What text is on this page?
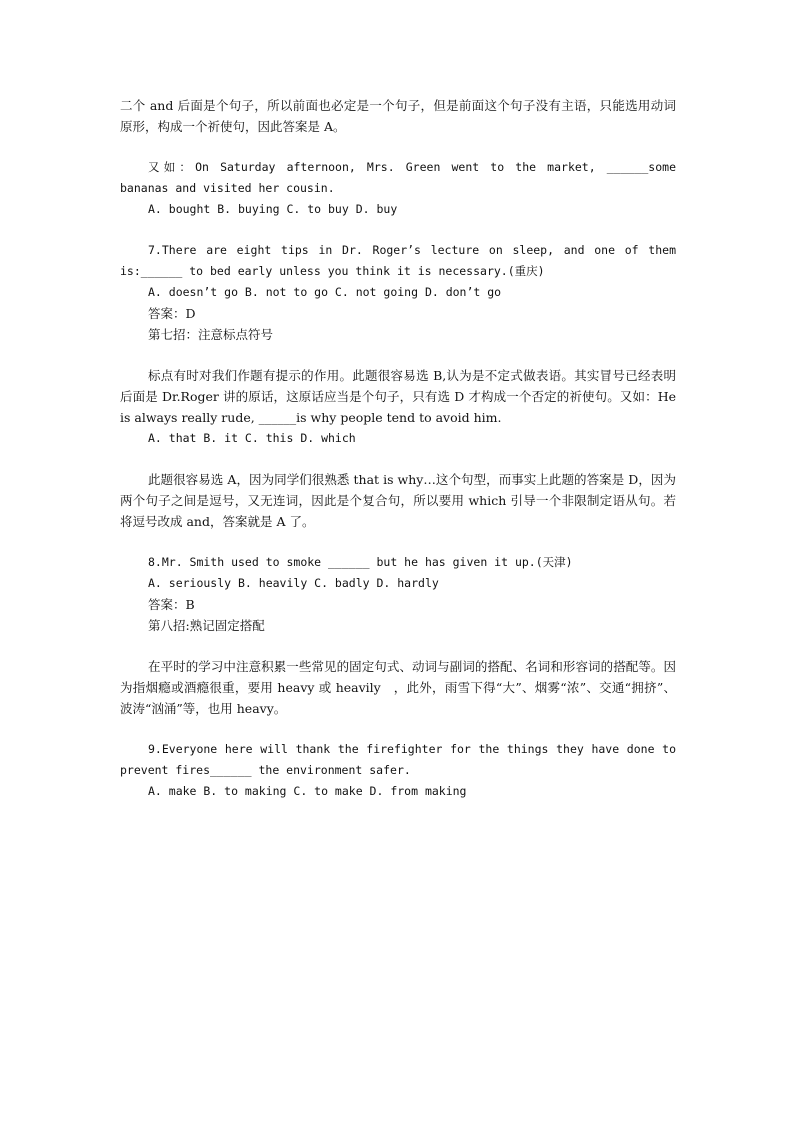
二个 and 后面是个句子，所以前面也必定是一个句子，但是前面这个句子没有主语，只能选用动词原形，构成一个祈使句，因此答案是 A。

又如：On Saturday afternoon, Mrs. Green went to the market, ______some bananas and visited her cousin.

A. bought B. buying C. to buy D. buy

7.There are eight tips in Dr. Roger’s lecture on sleep, and one of them is:______ to bed early unless you think it is necessary.(重庆)

A. doesn’t go B. not to go C. not going D. don’t go

答案：D

第七招：注意标点符号

标点有时对我们作题有提示的作用。此题很容易选 B,认为是不定式做表语。其实冒号已经表明后面是 Dr.Roger 讲的原话，这原话应当是个句子，只有选 D 才构成一个否定的祈使句。又如：He is always really rude, ______is why people tend to avoid him.

A. that B. it C. this D. which

此题很容易选 A，因为同学们很熟悉 that is why…这个句型，而事实上此题的答案是 D，因为两个句子之间是逗号，又无连词，因此是个复合句，所以要用 which 引导一个非限制定语从句。若将逗号改成 and，答案就是 A 了。

8.Mr. Smith used to smoke ______ but he has given it up.(天津)

A. seriously B. heavily C. badly D. hardly

答案：B

第八招:熟记固定搭配

在平时的学习中注意积累一些常见的固定句式、动词与副词的搭配、名词和形容词的搭配等。因为指烟瘾或酒瘾很重，要用 heavy 或 heavily　，此外，雨雪下得“大”、烟雾“浓”、交通“拥挤”、波涛“汹涌”等，也用 heavy。

9.Everyone here will thank the firefighter for the things they have done to prevent fires______ the environment safer.

A. make B. to making C. to make D. from making
